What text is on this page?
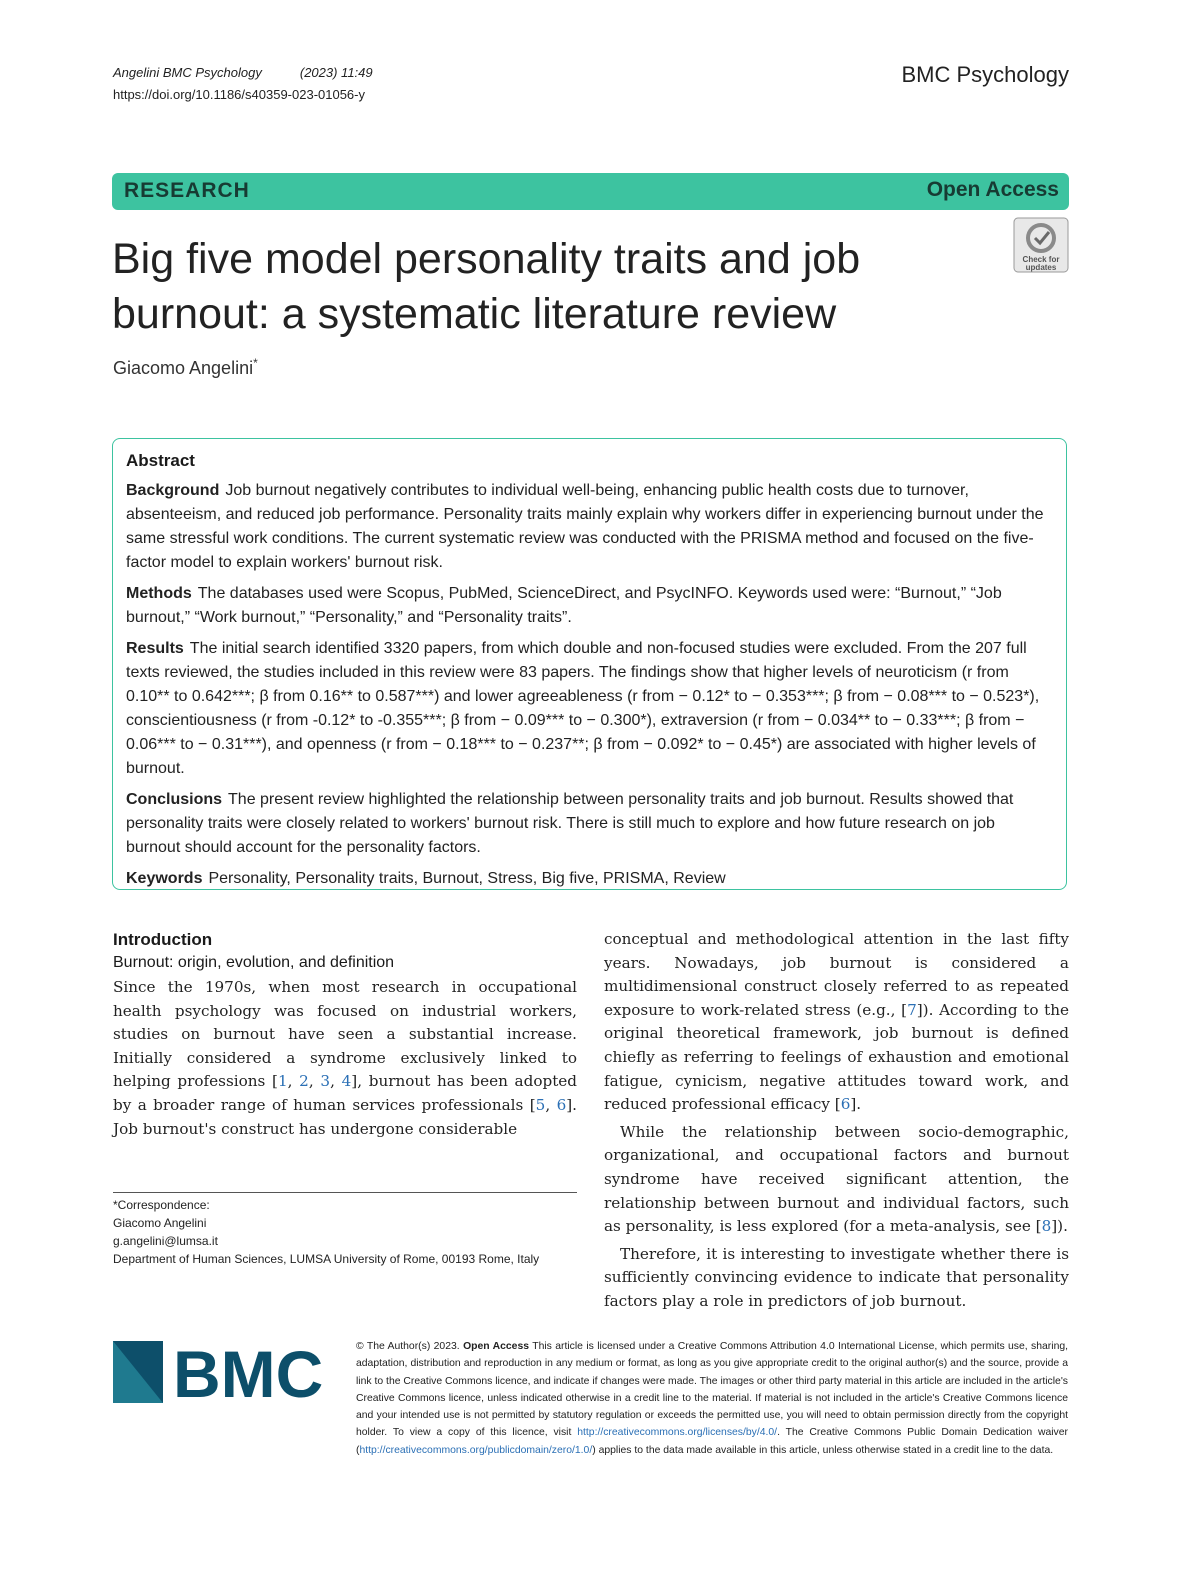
Angelini BMC Psychology	(2023) 11:49
https://doi.org/10.1186/s40359-023-01056-y
BMC Psychology
RESEARCH	Open Access
Check for
updates
Big five model personality traits and job burnout: a systematic literature review
Giacomo Angelini*
Abstract

Background Job burnout negatively contributes to individual well-being, enhancing public health costs due to turnover, absenteeism, and reduced job performance. Personality traits mainly explain why workers differ in experiencing burnout under the same stressful work conditions. The current systematic review was conducted with the PRISMA method and focused on the five-factor model to explain workers' burnout risk.

Methods The databases used were Scopus, PubMed, ScienceDirect, and PsycINFO. Keywords used were: “Burnout,” “Job burnout,” “Work burnout,” “Personality,” and “Personality traits”.

Results The initial search identified 3320 papers, from which double and non-focused studies were excluded. From the 207 full texts reviewed, the studies included in this review were 83 papers. The findings show that higher levels of neuroticism (r from 0.10** to 0.642***; β from 0.16** to 0.587***) and lower agreeableness (r from − 0.12* to − 0.353***; β from − 0.08*** to − 0.523*), conscientiousness (r from -0.12* to -0.355***; β from − 0.09*** to − 0.300*), extraversion (r from − 0.034** to − 0.33***; β from − 0.06*** to − 0.31***), and openness (r from − 0.18*** to − 0.237**; β from − 0.092* to − 0.45*) are associated with higher levels of burnout.

Conclusions The present review highlighted the relationship between personality traits and job burnout. Results showed that personality traits were closely related to workers' burnout risk. There is still much to explore and how future research on job burnout should account for the personality factors.

Keywords Personality, Personality traits, Burnout, Stress, Big five, PRISMA, Review

Introduction
Burnout: origin, evolution, and definition

Since the 1970s, when most research in occupational health psychology was focused on industrial workers, studies on burnout have seen a substantial increase. Initially considered a syndrome exclusively linked to helping professions [1, 2, 3, 4], burnout has been adopted by a broader range of human services professionals [5, 6]. Job burnout's construct has undergone considerable

*Correspondence:
Giacomo Angelini
g.angelini@lumsa.it
Department of Human Sciences, LUMSA University of Rome, 00193 Rome, Italy

conceptual and methodological attention in the last fifty years. Nowadays, job burnout is considered a multidimensional construct closely referred to as repeated exposure to work-related stress (e.g., [7]). According to the original theoretical framework, job burnout is defined chiefly as referring to feelings of exhaustion and emotional fatigue, cynicism, negative attitudes toward work, and reduced professional efficacy [6].

While the relationship between socio-demographic, organizational, and occupational factors and burnout syndrome have received significant attention, the relationship between burnout and individual factors, such as personality, is less explored (for a meta-analysis, see [8]).

Therefore, it is interesting to investigate whether there is sufficiently convincing evidence to indicate that personality factors play a role in predictors of job burnout.

BMC	© The Author(s) 2023. Open Access This article is licensed under a Creative Commons Attribution 4.0 International License, which permits use, sharing, adaptation, distribution and reproduction in any medium or format, as long as you give appropriate credit to the original author(s) and the source, provide a link to the Creative Commons licence, and indicate if changes were made. The images or other third party material in this article are included in the article's Creative Commons licence, unless indicated otherwise in a credit line to the material. If material is not included in the article's Creative Commons licence and your intended use is not permitted by statutory regulation or exceeds the permitted use, you will need to obtain permission directly from the copyright holder. To view a copy of this licence, visit http://creativecommons.org/licenses/by/4.0/. The Creative Commons Public Domain Dedication waiver (http://creativecommons.org/publicdomain/zero/1.0/) applies to the data made available in this article, unless otherwise stated in a credit line to the data.
